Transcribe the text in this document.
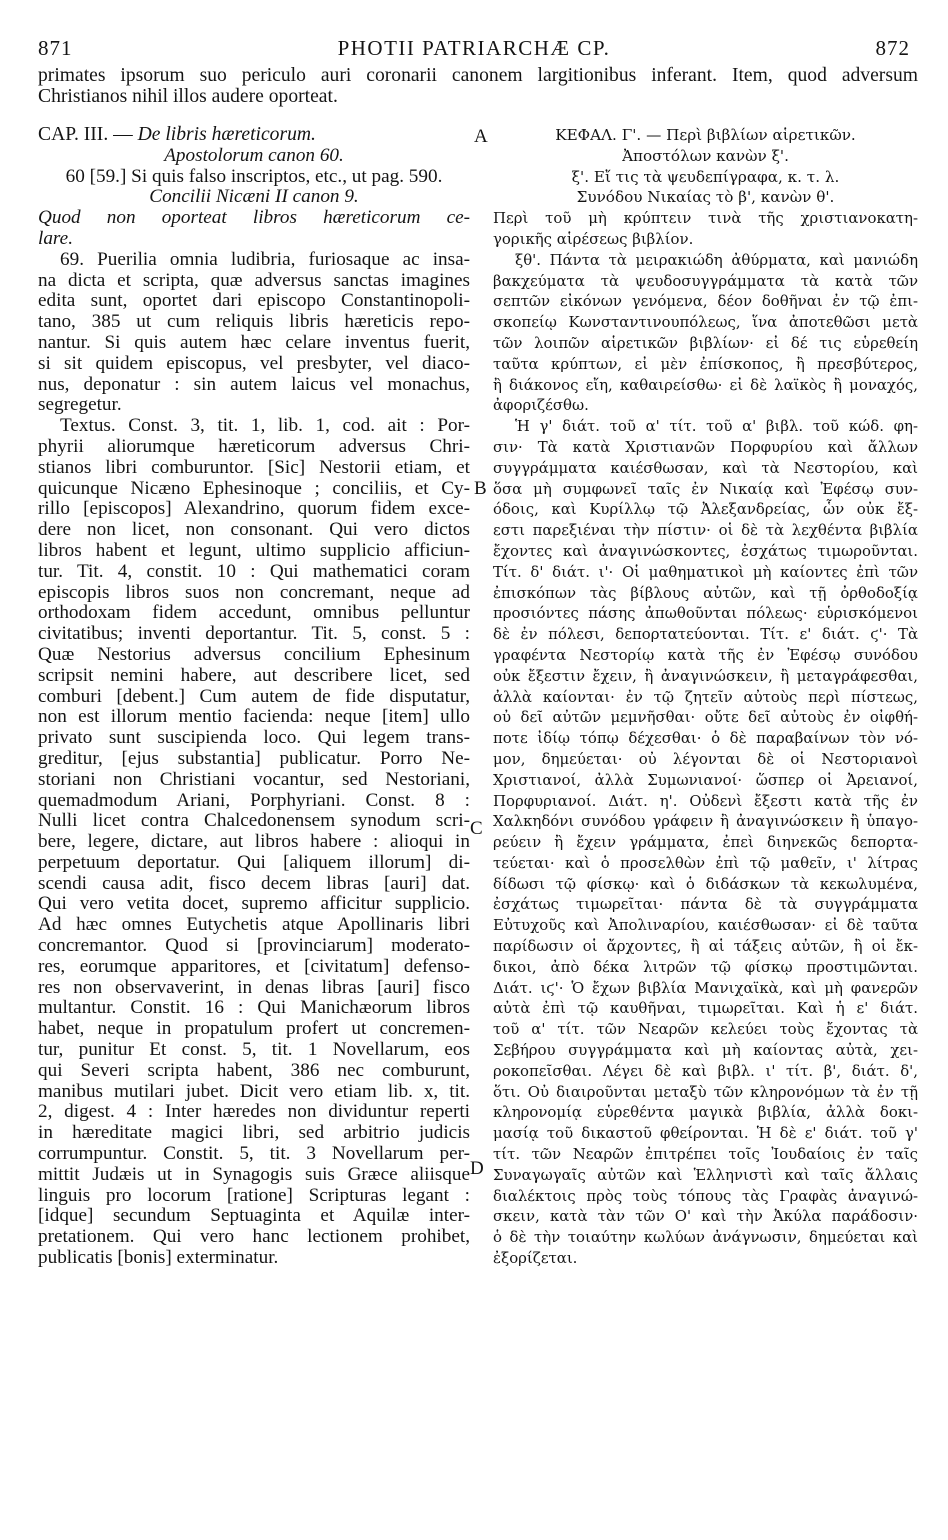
871	PHOTII PATRIARCHÆ CP.	872
primates ipsorum suo periculo auri coronarii canonem largitionibus inferant. Item, quod adversum
Christianos nihil illos audere oporteat.
A
B
C
D
CAP. III. — De libris hæreticorum.
Apostolorum canon 60.
60 [59.] Si quis falso inscriptos, etc., ut pag. 590.
Concilii Nicæni II canon 9.
Quod non oporteat libros hæreticorum ce-
lare.
69. Puerilia omnia ludibria, furiosaque ac insa-
na dicta et scripta, quæ adversus sanctas imagines
edita sunt, oportet dari episcopo Constantinopoli-
tano, 385 ut cum reliquis libris hæreticis repo-
nantur. Si quis autem hæc celare inventus fuerit,
si sit quidem episcopus, vel presbyter, vel diaco-
nus, deponatur : sin autem laicus vel monachus,
segregetur.
Textus. Const. 3, tit. 1, lib. 1, cod. ait : Por-
phyrii aliorumque hæreticorum adversus Chri-
stianos libri comburuntor. [Sic] Nestorii etiam, et
quicunque Nicæno Ephesinoque ; conciliis, et Cy-
rillo [episcopos] Alexandrino, quorum fidem exce-
dere non licet, non consonant. Qui vero dictos
libros habent et legunt, ultimo supplicio afficiun-
tur. Tit. 4, constit. 10 : Qui mathematici coram
episcopis libros suos non concremant, neque ad
orthodoxam fidem accedunt, omnibus pelluntur
civitatibus; inventi deportantur. Tit. 5, const. 5 :
Quæ Nestorius adversus concilium Ephesinum
scripsit nemini habere, aut describere licet, sed
comburi [debent.] Cum autem de fide disputatur,
non est illorum mentio facienda: neque [item] ullo
privato sunt suscipienda loco. Qui legem trans-
greditur, [ejus substantia] publicatur. Porro Ne-
storiani non Christiani vocantur, sed Nestoriani,
quemadmodum Ariani, Porphyriani. Const. 8 :
Nulli licet contra Chalcedonensem synodum scri-
bere, legere, dictare, aut libros habere : alioqui in
perpetuum deportatur. Qui [aliquem illorum] di-
scendi causa adit, fisco decem libras [auri] dat.
Qui vero vetita docet, supremo afficitur supplicio.
Ad hæc omnes Eutychetis atque Apollinaris libri
concremantor. Quod si [provinciarum] moderato-
res, eorumque apparitores, et [civitatum] defenso-
res non observaverint, in denas libras [auri] fisco
multantur. Constit. 16 : Qui Manichæorum libros
habet, neque in propatulum profert ut concremen-
tur, punitur Et const. 5, tit. 1 Novellarum, eos
qui Severi scripta habent, 386 nec comburunt,
manibus mutilari jubet. Dicit vero etiam lib. x, tit.
2, digest. 4 : Inter hæredes non dividuntur reperti
in hæreditate magici libri, sed arbitrio judicis
corrumpuntur. Constit. 5, tit. 3 Novellarum per-
mittit Judæis ut in Synagogis suis Græce aliisque
linguis pro locorum [ratione] Scripturas legant :
[idque] secundum Septuaginta et Aquilæ inter-
pretationem. Qui vero hanc lectionem prohibet,
publicatis [bonis] exterminatur.
ΚΕΦΑΛ. Γ'. — Περὶ βιβλίων αἱρετικῶν.
Ἀποστόλων κανὼν ξ'.
ξ'. Εἴ τις τὰ ψευδεπίγραφα, κ. τ. λ.
Συνόδου Νικαίας τὸ β', κανὼν θ'.
Περὶ τοῦ μὴ κρύπτειν τινὰ τῆς χριστιανοκατη-
γορικῆς αἱρέσεως βιβλίον.
ξθ'. Πάντα τὰ μειρακιώδη ἀθύρματα, καὶ μανιώδη
βακχεύματα τὰ ψευδοσυγγράμματα τὰ κατὰ τῶν
σεπτῶν εἰκόνων γενόμενα, δέον δοθῆναι ἐν τῷ ἐπι-
σκοπείῳ Κωνσταντινουπόλεως, ἵνα ἀποτεθῶσι μετὰ
τῶν λοιπῶν αἱρετικῶν βιβλίων· εἰ δέ τις εὑρεθείη
ταῦτα κρύπτων, εἰ μὲν ἐπίσκοπος, ἢ πρεσβύτερος,
ἢ διάκονος εἴη, καθαιρείσθω· εἰ δὲ λαϊκὸς ἢ μοναχός,
ἀφοριζέσθω.
Ἡ γ' διάτ. τοῦ α' τίτ. τοῦ α' βιβλ. τοῦ κώδ. φη-
σιν· Τὰ κατὰ Χριστιανῶν Πορφυρίου καὶ ἄλλων
συγγράμματα καιέσθωσαν, καὶ τὰ Νεστορίου, καὶ
ὅσα μὴ συμφωνεῖ ταῖς ἐν Νικαίᾳ καὶ Ἐφέσῳ συν-
όδοις, καὶ Κυρίλλῳ τῷ Ἀλεξανδρείας, ὧν οὐκ ἔξ-
εστι παρεξιέναι τὴν πίστιν· οἱ δὲ τὰ λεχθέντα βιβλία
ἔχοντες καὶ ἀναγινώσκοντες, ἐσχάτως τιμωροῦνται.
Τίτ. δ' διάτ. ι'· Οἱ μαθηματικοὶ μὴ καίοντες ἐπὶ τῶν
ἐπισκόπων τὰς βίβλους αὐτῶν, καὶ τῇ ὀρθοδοξίᾳ
προσιόντες πάσης ἀπωθοῦνται πόλεως· εὑρισκόμενοι
δὲ ἐν πόλεσι, δεπορτατεύονται. Τίτ. ε' διάτ. ϛ'· Τὰ
γραφέντα Νεστορίῳ κατὰ τῆς ἐν Ἐφέσῳ συνόδου
οὐκ ἔξεστιν ἔχειν, ἢ ἀναγινώσκειν, ἢ μεταγράφεσθαι,
ἀλλὰ καίονται· ἐν τῷ ζητεῖν αὐτοὺς περὶ πίστεως,
οὐ δεῖ αὐτῶν μεμνῆσθαι· οὔτε δεῖ αὐτοὺς ἐν οἰφθή-
ποτε ἰδίῳ τόπῳ δέχεσθαι· ὁ δὲ παραβαίνων τὸν νό-
μον, δημεύεται· οὐ λέγονται δὲ οἱ Νεστοριανοὶ
Χριστιανοί, ἀλλὰ Συμωνιανοί· ὥσπερ οἱ Ἀρειανοί,
Πορφυριανοί. Διάτ. η'. Οὐδενὶ ἔξεστι κατὰ τῆς ἐν
Χαλκηδόνι συνόδου γράφειν ἢ ἀναγινώσκειν ἢ ὑπαγο-
ρεύειν ἢ ἔχειν γράμματα, ἐπεὶ διηνεκῶς δεπορτα-
τεύεται· καὶ ὁ προσελθὼν ἐπὶ τῷ μαθεῖν, ι' λίτρας
δίδωσι τῷ φίσκῳ· καὶ ὁ διδάσκων τὰ κεκωλυμένα,
ἐσχάτως τιμωρεῖται· πάντα δὲ τὰ συγγράμματα
Εὐτυχοῦς καὶ Ἀπολιναρίου, καιέσθωσαν· εἰ δὲ ταῦτα
παρίδωσιν οἱ ἄρχοντες, ἢ αἱ τάξεις αὐτῶν, ἢ οἱ ἔκ-
δικοι, ἀπὸ δέκα λιτρῶν τῷ φίσκῳ προστιμῶνται.
Διάτ. ιϛ'· Ὁ ἔχων βιβλία Μανιχαϊκὰ, καὶ μὴ φανερῶν
αὐτὰ ἐπὶ τῷ καυθῆναι, τιμωρεῖται. Καὶ ἡ ε' διάτ.
τοῦ α' τίτ. τῶν Νεαρῶν κελεύει τοὺς ἔχοντας τὰ
Σεβήρου συγγράμματα καὶ μὴ καίοντας αὐτὰ, χει-
ροκοπεῖσθαι. Λέγει δὲ καὶ βιβλ. ι' τίτ. β', διάτ. δ',
ὅτι. Οὐ διαιροῦνται μεταξὺ τῶν κληρονόμων τὰ ἐν τῇ
κληρονομίᾳ εὑρεθέντα μαγικὰ βιβλία, ἀλλὰ δοκι-
μασίᾳ τοῦ δικαστοῦ φθείρονται. Ἡ δὲ ε' διάτ. τοῦ γ'
τίτ. τῶν Νεαρῶν ἐπιτρέπει τοῖς Ἰουδαίοις ἐν ταῖς
Συναγωγαῖς αὐτῶν καὶ Ἑλληνιστὶ καὶ ταῖς ἄλλαις
διαλέκτοις πρὸς τοὺς τόπους τὰς Γραφὰς ἀναγινώ-
σκειν, κατὰ τὰν τῶν Ο' καὶ τὴν Ἀκύλα παράδοσιν·
ὁ δὲ τὴν τοιαύτην κωλύων ἀνάγνωσιν, δημεύεται καὶ
ἐξορίζεται.
